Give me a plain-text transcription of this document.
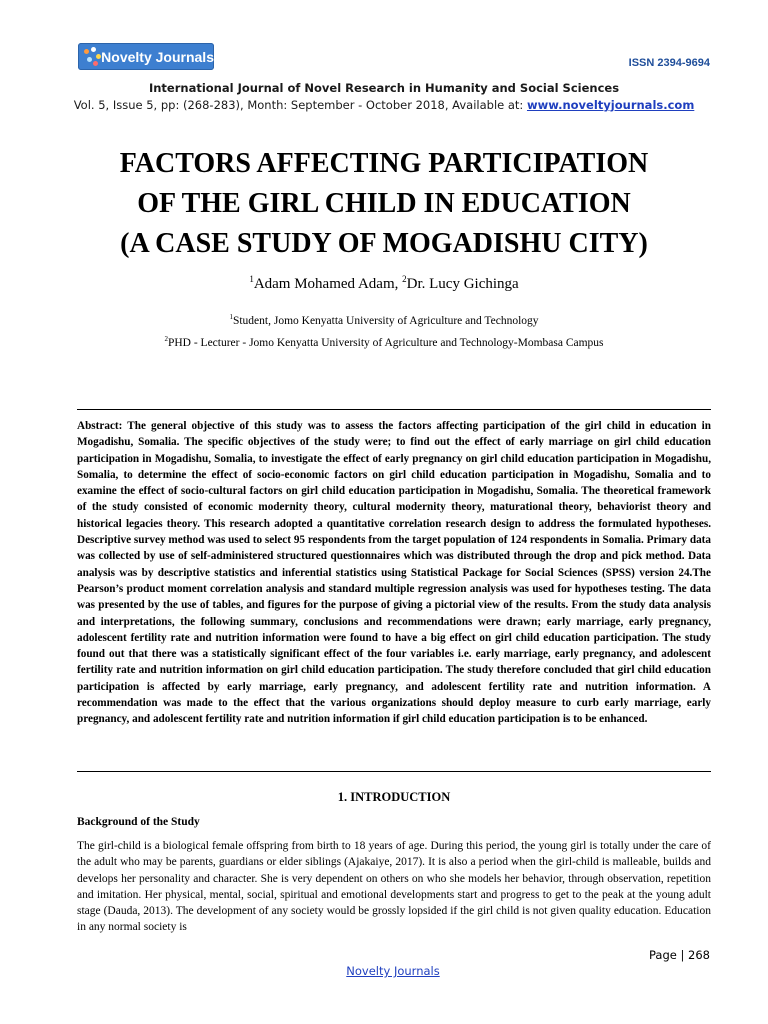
Novelty Journals	ISSN 2394-9694
International Journal of Novel Research in Humanity and Social Sciences
Vol. 5, Issue 5, pp: (268-283), Month: September - October 2018, Available at: www.noveltyjournals.com
FACTORS AFFECTING PARTICIPATION
OF THE GIRL CHILD IN EDUCATION
(A CASE STUDY OF MOGADISHU CITY)
$^1$Adam Mohamed Adam, $^2$Dr. Lucy Gichinga
$^1$Student, Jomo Kenyatta University of Agriculture and Technology
$^2$PHD - Lecturer - Jomo Kenyatta University of Agriculture and Technology-Mombasa Campus

Abstract: The general objective of this study was to assess the factors affecting participation of the girl child in education in Mogadishu, Somalia. The specific objectives of the study were; to find out the effect of early marriage on girl child education participation in Mogadishu, Somalia, to investigate the effect of early pregnancy on girl child education participation in Mogadishu, Somalia, to determine the effect of socio-economic factors on girl child education participation in Mogadishu, Somalia and to examine the effect of socio-cultural factors on girl child education participation in Mogadishu, Somalia. The theoretical framework of the study consisted of economic modernity theory, cultural modernity theory, maturational theory, behaviorist theory and historical legacies theory. This research adopted a quantitative correlation research design to address the formulated hypotheses. Descriptive survey method was used to select 95 respondents from the target population of 124 respondents in Somalia. Primary data was collected by use of self-administered structured questionnaires which was distributed through the drop and pick method. Data analysis was by descriptive statistics and inferential statistics using Statistical Package for Social Sciences (SPSS) version 24.The Pearson’s product moment correlation analysis and standard multiple regression analysis was used for hypotheses testing. The data was presented by the use of tables, and figures for the purpose of giving a pictorial view of the results. From the study data analysis and interpretations, the following summary, conclusions and recommendations were drawn; early marriage, early pregnancy, adolescent fertility rate and nutrition information were found to have a big effect on girl child education participation. The study found out that there was a statistically significant effect of the four variables i.e. early marriage, early pregnancy, and adolescent fertility rate and nutrition information on girl child education participation. The study therefore concluded that girl child education participation is affected by early marriage, early pregnancy, and adolescent fertility rate and nutrition information. A recommendation was made to the effect that the various organizations should deploy measure to curb early marriage, early pregnancy, and adolescent fertility rate and nutrition information if girl child education participation is to be enhanced.

1. INTRODUCTION
Background of the Study

The girl-child is a biological female offspring from birth to 18 years of age. During this period, the young girl is totally under the care of the adult who may be parents, guardians or elder siblings (Ajakaiye, 2017). It is also a period when the girl-child is malleable, builds and develops her personality and character. She is very dependent on others on who she models her behavior, through observation, repetition and imitation. Her physical, mental, social, spiritual and emotional developments start and progress to get to the peak at the young adult stage (Dauda, 2013). The development of any society would be grossly lopsided if the girl child is not given quality education. Education in any normal society is

Page | 268
Novelty Journals
